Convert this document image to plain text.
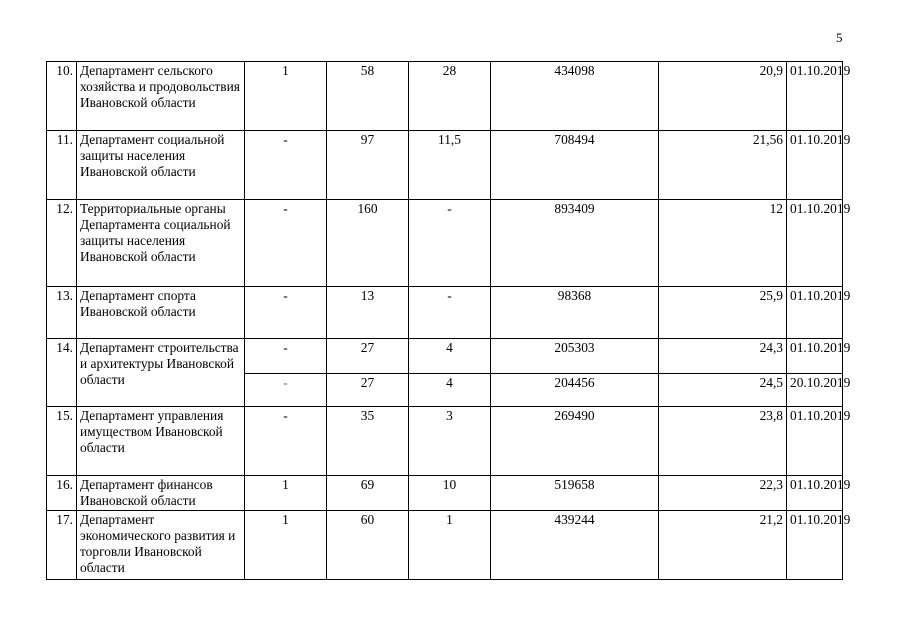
5
10.	Департамент сельского хозяйства и продовольствия Ивановской области	1	58	28	434098	20,9	01.10.2019
11.	Департамент социальной защиты населения Ивановской области	-	97	11,5	708494	21,56	01.10.2019
12.	Территориальные органы Департамента социальной защиты населения Ивановской области	-	160	-	893409	12	01.10.2019
13.	Департамент спорта Ивановской области	-	13	-	98368	25,9	01.10.2019
14.	Департамент строительства и архитектуры Ивановской области	-	27	4	205303	24,3	01.10.2019
		-	27	4	204456	24,5	20.10.2019
15.	Департамент управления имуществом Ивановской области	-	35	3	269490	23,8	01.10.2019
16.	Департамент финансов Ивановской области	1	69	10	519658	22,3	01.10.2019
17.	Департамент экономического развития и торговли Ивановской области	1	60	1	439244	21,2	01.10.2019
